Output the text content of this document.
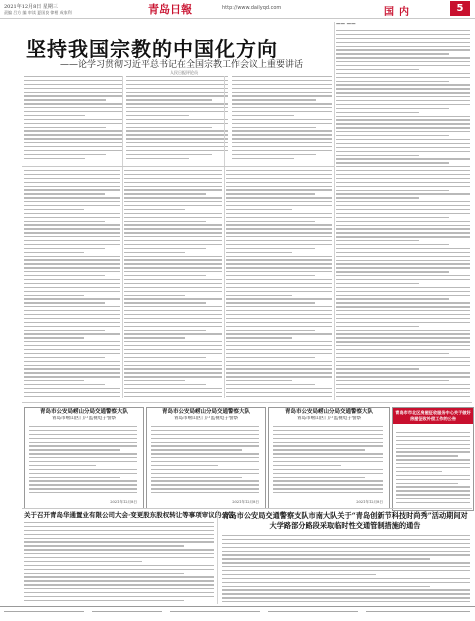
2021年12月8日 星期三
责编 吕方 编 审读 夏国良 律相 成家利	青岛日報	http://www.dailyqd.com	国内	5
坚持我国宗教的中国化方向
——论学习贯彻习近平总书记在全国宗教工作会议上重要讲话
人民日报评论员
—— ——
青岛市公安局崂山分局交通警察大队
青岛市崂山区门户监视电子警察
2021年12月8日
青岛市公安局崂山分局交通警察大队
青岛市崂山区门户监视电子警察
2021年12月8日
青岛市公安局崂山分局交通警察大队
青岛市崂山区门户监视电子警察
2021年12月8日
青岛市市北区房屋征收服务中心关于做好房屋征收补偿工作的公告
关于召开青岛华通置业有限公司大会·变更股东股权转让等事项审议的公告
青岛市公安局交通警察支队市南大队关于“青岛创新节科技时尚秀”活动期间对大学路部分路段采取临时性交通管制措施的通告
